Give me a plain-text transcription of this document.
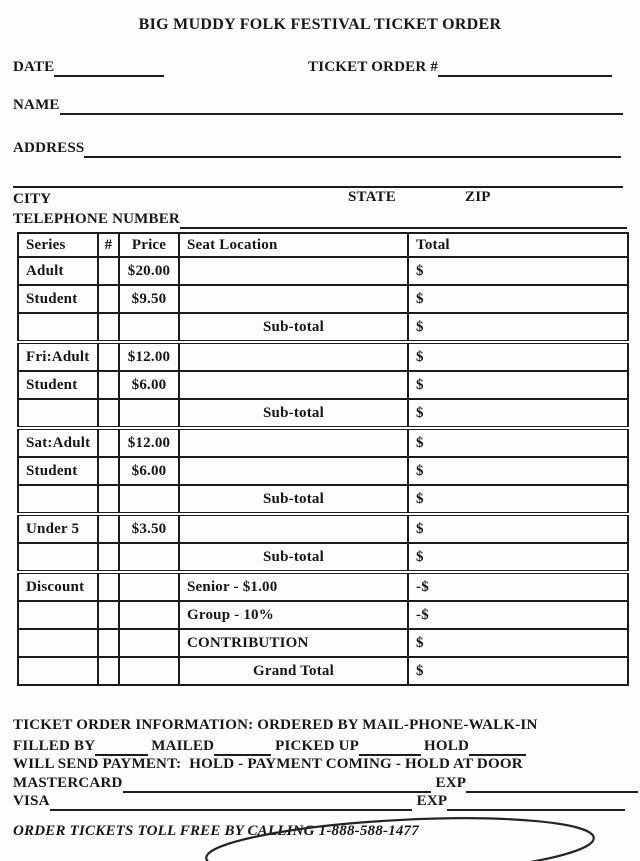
BIG MUDDY FOLK FESTIVAL TICKET ORDER
DATE	TICKET ORDER #
NAME
ADDRESS
CITY	STATE	ZIP
TELEPHONE NUMBER
Series	#	Price	Seat Location	Total
Adult		$20.00		$
Student		$9.50		$
			Sub-total	$
Fri:Adult		$12.00		$
Student		$6.00		$
			Sub-total	$
Sat:Adult		$12.00		$
Student		$6.00		$
			Sub-total	$
Under 5		$3.50		$
			Sub-total	$
Discount			Senior - $1.00	-$
			Group - 10%	-$
			CONTRIBUTION	$
			Grand Total	$
TICKET ORDER INFORMATION: ORDERED BY MAIL-PHONE-WALK-IN
FILLED BY	MAILED	PICKED UP	HOLD
WILL SEND PAYMENT:  HOLD - PAYMENT COMING - HOLD AT DOOR
MASTERCARD	EXP
VISA	EXP
ORDER TICKETS TOLL FREE BY CALLING 1-888-588-1477
